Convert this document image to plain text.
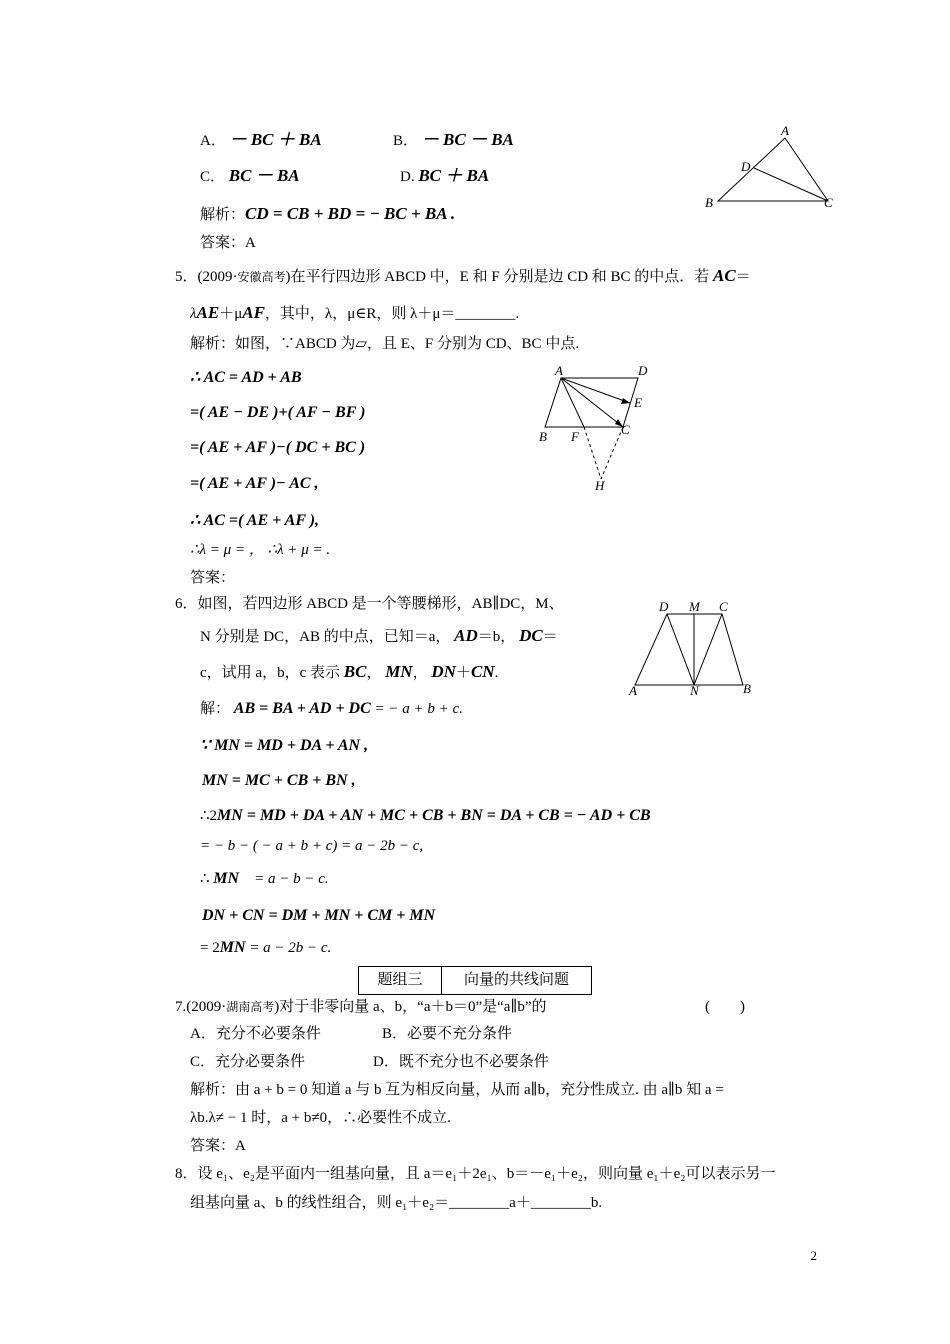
A． － BC ＋ BA	B． － BC － BA
C． BC － BA	D. BC ＋ BA
解析：CD = CB + BD = − BC + BA .
答案：A
A
B	C
D
5．(2009·安徽高考)在平行四边形 ABCD 中，E 和 F 分别是边 CD 和 BC 的中点．若 AC＝
λAE＋μAF，其中，λ，μ∈R，则 λ＋μ＝________.
解析：如图，∵ABCD 为▱，且 E、F 分别为 CD、BC 中点.
∴ AC = AD + AB
=( AE − DE )+( AF − BF )
=( AE + AF )−( DC + BC )
=( AE + AF )− AC ,
∴ AC =( AE + AF ),
∴λ = μ = ， ∴λ + μ = .
答案：
A	D
E
B F	C
H
6．如图，若四边形 ABCD 是一个等腰梯形，AB∥DC，M、
N 分别是 DC，AB 的中点，已知＝a， AD＝b， DC＝
c，试用 a，b，c 表示 BC， MN， DN＋CN.
解： AB = BA + AD + DC = − a + b + c.
∵ MN = MD + DA + AN ,
MN = MC + CB + BN ,
∴2MN = MD + DA + AN + MC + CB + BN = DA + CB = − AD + CB
= − b − ( − a + b + c) = a − 2b − c,
∴ MN　 = a − b − c.
DN + CN = DM + MN + CM + MN
= 2MN = a − 2b − c.
D M C
A	N	B
题组三	向量的共线问题
7.(2009·湖南高考)对于非零向量 a、b，“a＋b＝0”是“a∥b”的	(　　)
A．充分不必要条件	B．必要不充分条件
C．充分必要条件	D．既不充分也不必要条件
解析：由 a + b = 0 知道 a 与 b 互为相反向量，从而 a∥b，充分性成立. 由 a∥b 知 a =
λb.λ≠ − 1 时，a + b≠0，∴必要性不成立.
答案：A
8．设 e₁、e₂是平面内一组基向量，且 a＝e₁＋2e₁、b＝－e₁＋e₂，则向量 e₁＋e₂可以表示另一
组基向量 a、b 的线性组合，则 e₁＋e₂＝________a＋________b.
2
